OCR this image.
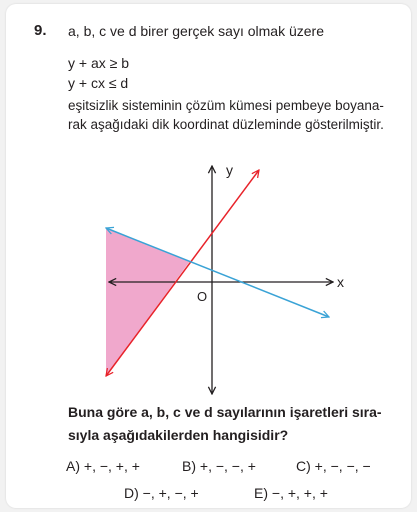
9. a, b, c ve d birer gerçek sayı olmak üzere
y + ax ≥ b
y + cx ≤ d
eşitsizlik sisteminin çözüm kümesi pembeye boyana-
rak aşağıdaki dik koordinat düzleminde gösterilmiştir.
y
x
O
Buna göre a, b, c ve d sayılarının işaretleri sıra-
sıyla aşağıdakilerden hangisidir?
A) +, −, +, +	B) +, −, −, +	C) +, −, −, −
D) −, +, −, +	E) −, +, +, +
